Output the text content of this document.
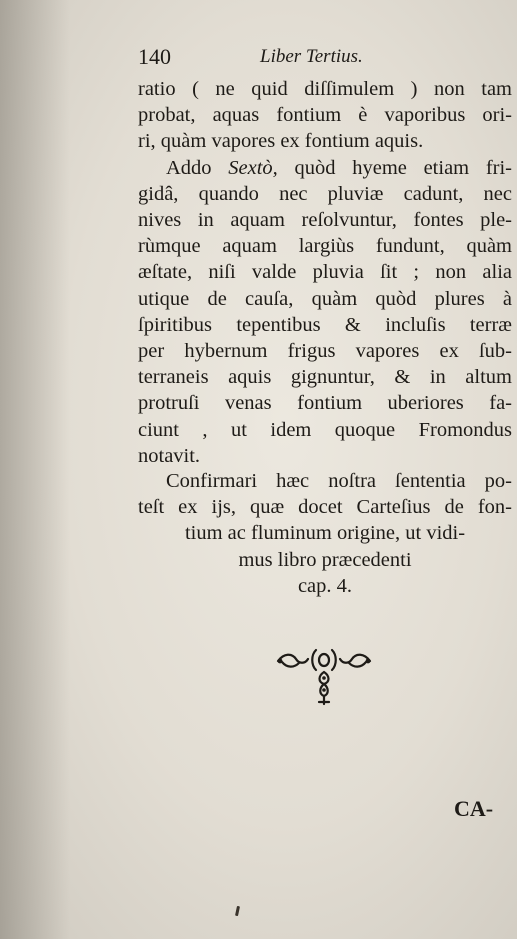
140	Liber Tertius.

ratio ( ne quid diſſimulem ) non tam

probat, aquas fontium è vaporibus ori-

ri, quàm vapores ex fontium aquis.

Addo Sextò, quòd hyeme etiam fri-

gidâ, quando nec pluviæ cadunt, nec

nives in aquam reſolvuntur, fontes ple-

rùmque aquam largiùs fundunt, quàm

æſtate, niſi valde pluvia ſit ; non alia

utique de cauſa, quàm quòd plures à

ſpiritibus tepentibus & incluſis terræ

per hybernum frigus vapores ex ſub-

terraneis aquis gignuntur, & in altum

protruſi venas fontium uberiores fa-

ciunt , ut idem quoque Fromondus

notavit.

Confirmari hæc noſtra ſententia po-
teſt ex ijs, quæ docet Carteſius de fon-
tium ac fluminum origine, ut vidi-
mus libro præcedenti
cap. 4.
CA-
